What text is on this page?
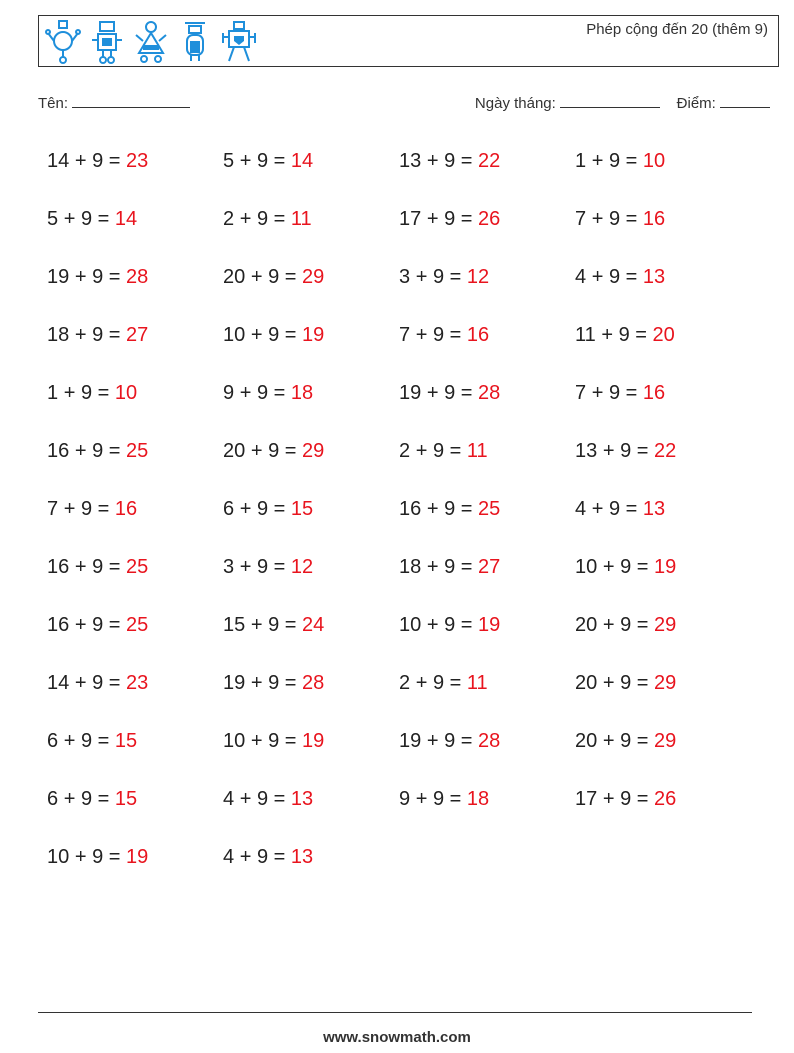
Phép cộng đến 20 (thêm 9)
Tên:	Ngày tháng:	Điểm:
14 + 9 = 23	5 + 9 = 14	13 + 9 = 22	1 + 9 = 10
5 + 9 = 14	2 + 9 = 11	17 + 9 = 26	7 + 9 = 16
19 + 9 = 28	20 + 9 = 29	3 + 9 = 12	4 + 9 = 13
18 + 9 = 27	10 + 9 = 19	7 + 9 = 16	11 + 9 = 20
1 + 9 = 10	9 + 9 = 18	19 + 9 = 28	7 + 9 = 16
16 + 9 = 25	20 + 9 = 29	2 + 9 = 11	13 + 9 = 22
7 + 9 = 16	6 + 9 = 15	16 + 9 = 25	4 + 9 = 13
16 + 9 = 25	3 + 9 = 12	18 + 9 = 27	10 + 9 = 19
16 + 9 = 25	15 + 9 = 24	10 + 9 = 19	20 + 9 = 29
14 + 9 = 23	19 + 9 = 28	2 + 9 = 11	20 + 9 = 29
6 + 9 = 15	10 + 9 = 19	19 + 9 = 28	20 + 9 = 29
6 + 9 = 15	4 + 9 = 13	9 + 9 = 18	17 + 9 = 26
10 + 9 = 19	4 + 9 = 13
www.snowmath.com
